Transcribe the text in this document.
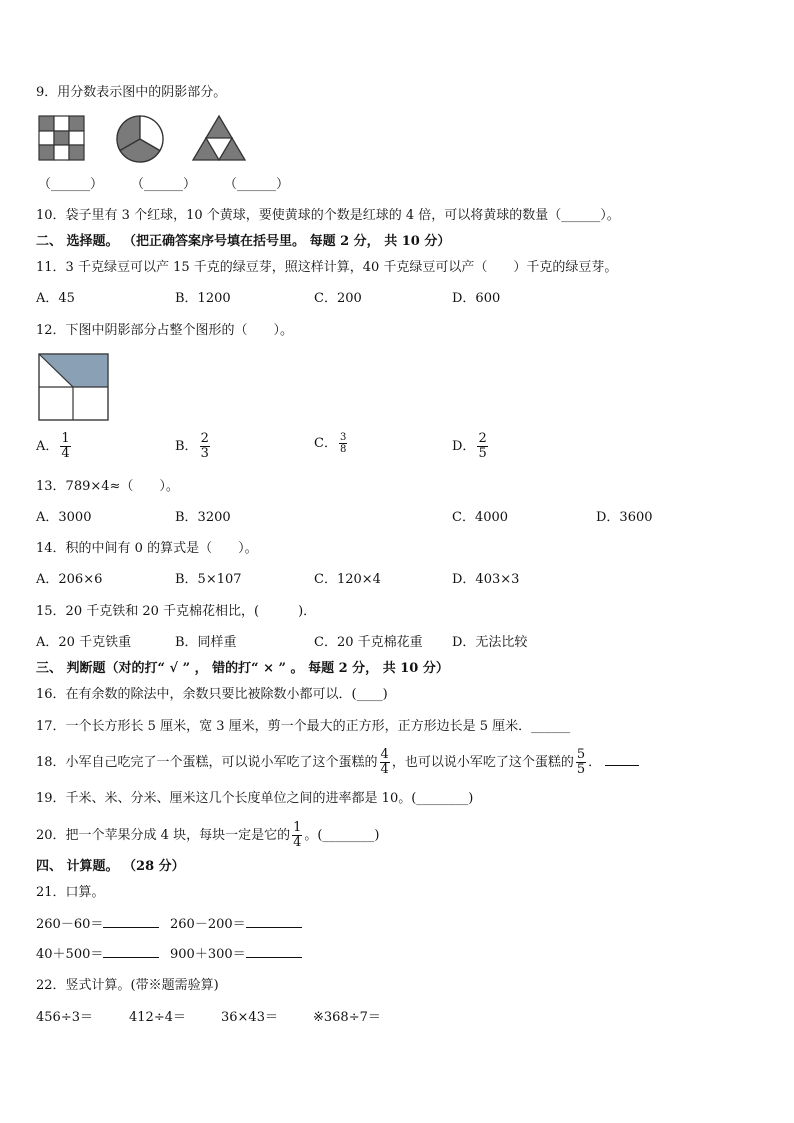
9．用分数表示图中的阴影部分。
（______） （______） （______）
10．袋子里有 3 个红球，10 个黄球，要使黄球的个数是红球的 4 倍，可以将黄球的数量（______）。
二、 选择题。 （把正确答案序号填在括号里。 每题 2 分， 共 10 分）
11．3 千克绿豆可以产 15 千克的绿豆芽，照这样计算，40 千克绿豆可以产（　　）千克的绿豆芽。
A．45	B．1200	C．200	D．600
12．下图中阴影部分占整个图形的（　　）。
A． $\frac{1}{4}$	B． $\frac{2}{3}$	C． $\frac{3}{8}$	D． $\frac{2}{5}$
13．789×4≈（　　）。
A．3000	B．3200	C．4000	D．3600
14．积的中间有 0 的算式是（　　）。
A．206×6	B．5×107	C．120×4	D．403×3
15．20 千克铁和 20 千克棉花相比，(　　　)．
A．20 千克铁重	B．同样重	C．20 千克棉花重 D．无法比较
三、 判断题（对的打“ √ ” ， 错的打“ × ” 。 每题 2 分， 共 10 分）
16．在有余数的除法中，余数只要比被除数小都可以．(____)
17．一个长方形长 5 厘米，宽 3 厘米，剪一个最大的正方形，正方形边长是 5 厘米．______
18．小军自己吃完了一个蛋糕，可以说小军吃了这个蛋糕的 $\frac{4}{4}$ ，也可以说小军吃了这个蛋糕的 $\frac{5}{5}$ ．
19．千米、米、分米、厘米这几个长度单位之间的进率都是 10。(________)
20．把一个苹果分成 4 块，每块一定是它的 $\frac{1}{4}$ 。(________)
四、 计算题。 （28 分）
21．口算。
260－60＝	260－200＝
40＋500＝	900＋300＝
22．竖式计算。(带※题需验算)
456÷3＝	412÷4＝	36×43＝	※368÷7＝
